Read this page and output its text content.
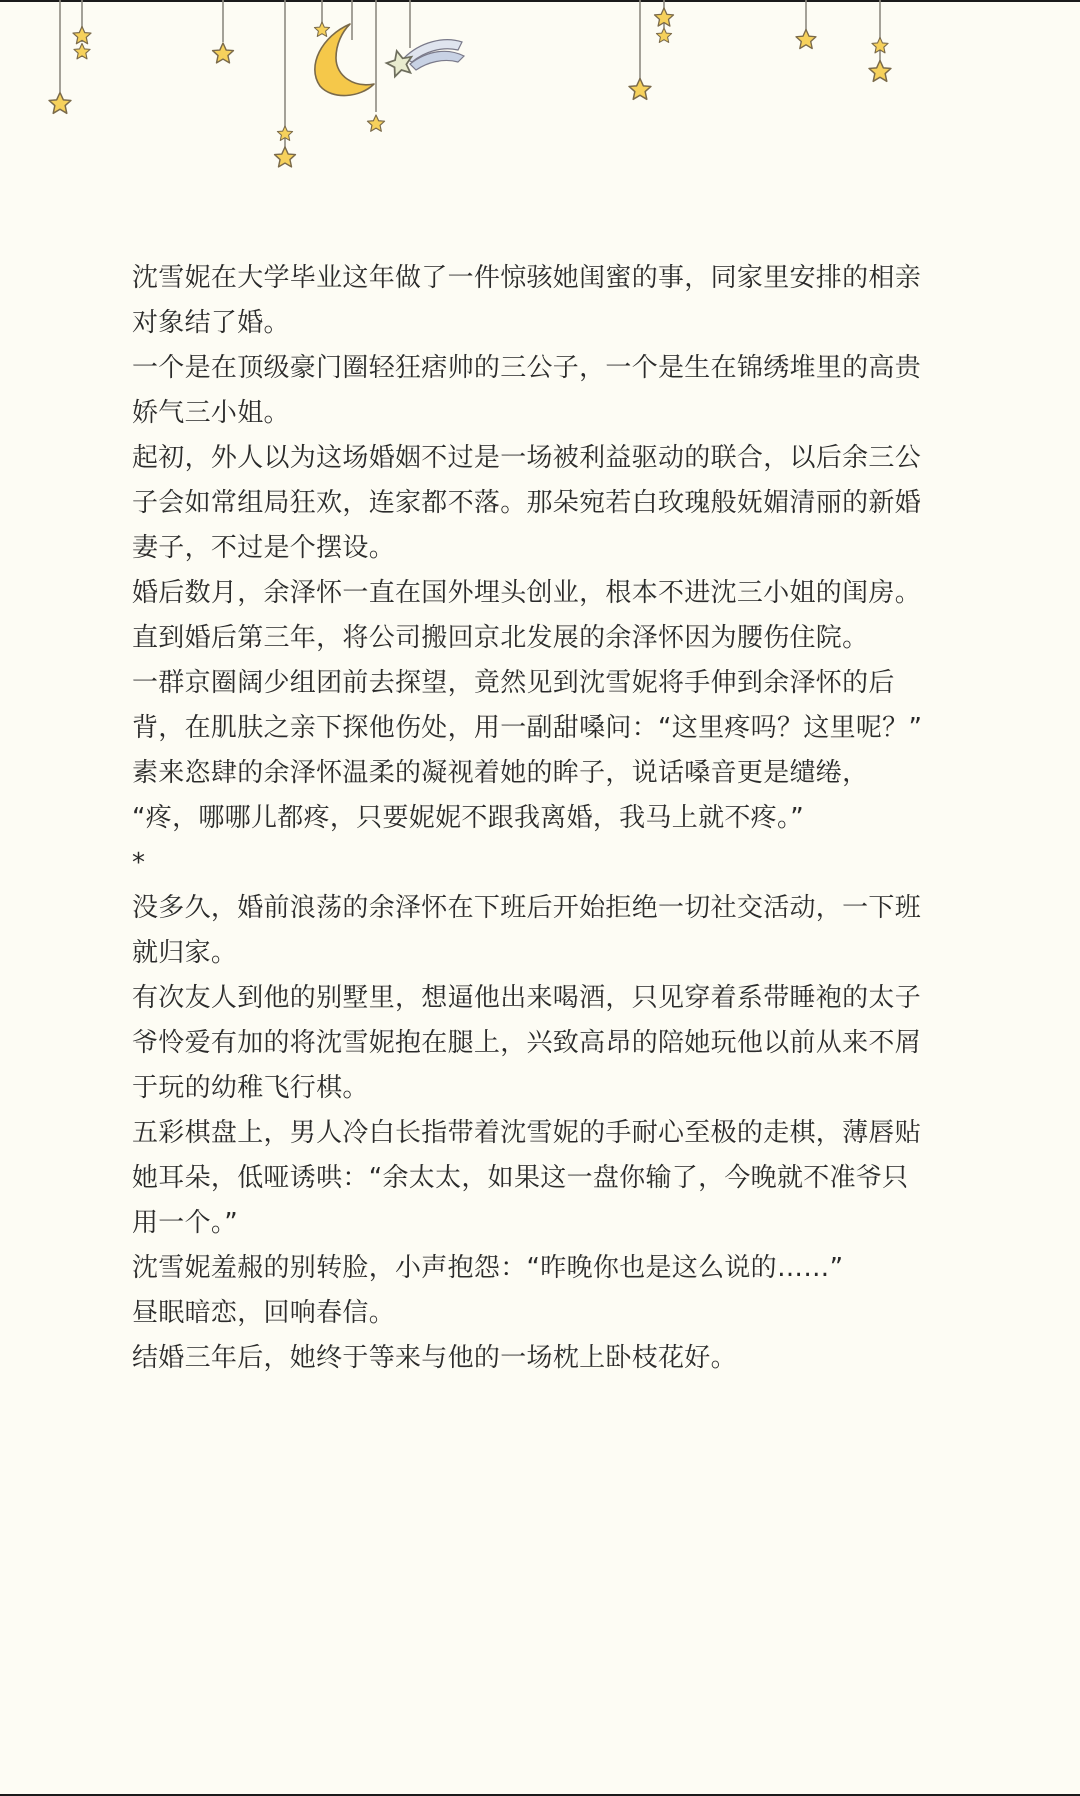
沈雪妮在大学毕业这年做了一件惊骇她闺蜜的事，同家里安排的相亲对象结了婚。

一个是在顶级豪门圈轻狂痞帅的三公子，一个是生在锦绣堆里的高贵娇气三小姐。

起初，外人以为这场婚姻不过是一场被利益驱动的联合，以后余三公子会如常组局狂欢，连家都不落。那朵宛若白玫瑰般妩媚清丽的新婚妻子，不过是个摆设。

婚后数月，余泽怀一直在国外埋头创业，根本不进沈三小姐的闺房。

直到婚后第三年，将公司搬回京北发展的余泽怀因为腰伤住院。

一群京圈阔少组团前去探望，竟然见到沈雪妮将手伸到余泽怀的后背，在肌肤之亲下探他伤处，用一副甜嗓问：“这里疼吗？这里呢？”

素来恣肆的余泽怀温柔的凝视着她的眸子，说话嗓音更是缱绻，

“疼，哪哪儿都疼，只要妮妮不跟我离婚，我马上就不疼。”

*

没多久，婚前浪荡的余泽怀在下班后开始拒绝一切社交活动，一下班就归家。

有次友人到他的别墅里，想逼他出来喝酒，只见穿着系带睡袍的太子爷怜爱有加的将沈雪妮抱在腿上，兴致高昂的陪她玩他以前从来不屑于玩的幼稚飞行棋。

五彩棋盘上，男人冷白长指带着沈雪妮的手耐心至极的走棋，薄唇贴她耳朵，低哑诱哄：“余太太，如果这一盘你输了，今晚就不准爷只用一个。”

沈雪妮羞赧的别转脸，小声抱怨：“昨晚你也是这么说的……”

昼眠暗恋，回响春信。

结婚三年后，她终于等来与他的一场枕上卧枝花好。
